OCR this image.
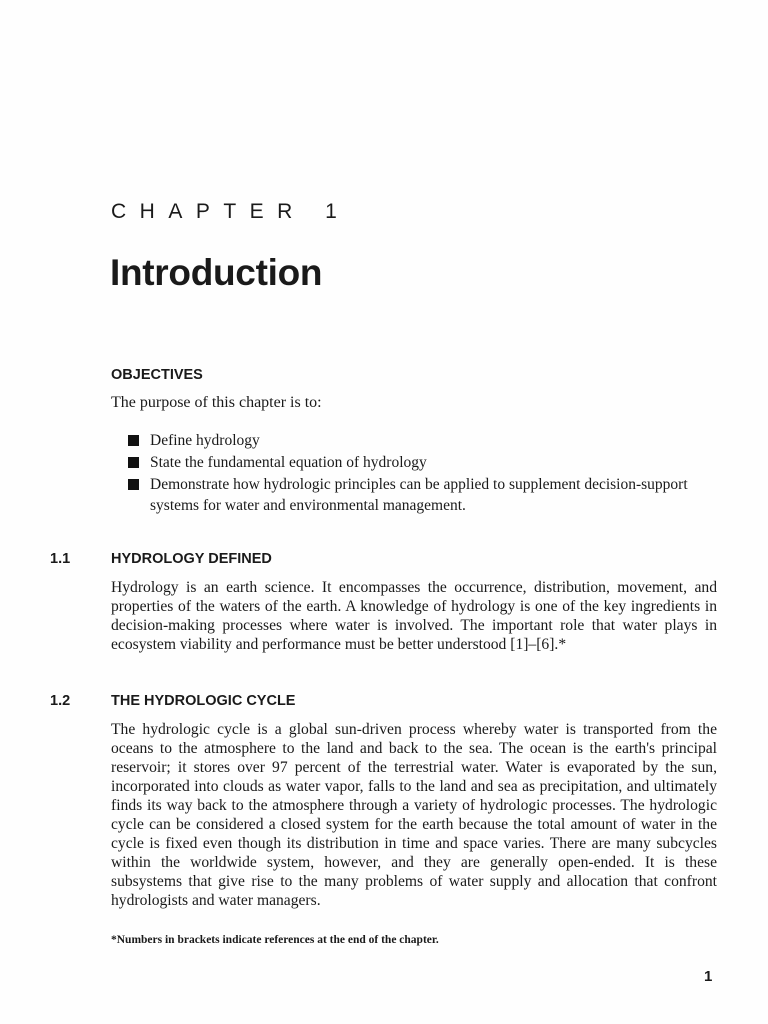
CHAPTER 1
Introduction
OBJECTIVES
The purpose of this chapter is to:
Define hydrology
State the fundamental equation of hydrology
Demonstrate how hydrologic principles can be applied to supplement decision-support systems for water and environmental management.
1.1	HYDROLOGY DEFINED

Hydrology is an earth science. It encompasses the occurrence, distribution, movement, and properties of the waters of the earth. A knowledge of hydrology is one of the key ingredients in decision-making processes where water is involved. The important role that water plays in ecosystem viability and performance must be better understood [1]–[6].*

1.2	THE HYDROLOGIC CYCLE

The hydrologic cycle is a global sun-driven process whereby water is transported from the oceans to the atmosphere to the land and back to the sea. The ocean is the earth's principal reservoir; it stores over 97 percent of the terrestrial water. Water is evaporated by the sun, incorporated into clouds as water vapor, falls to the land and sea as precipitation, and ultimately finds its way back to the atmosphere through a variety of hydrologic processes. The hydrologic cycle can be considered a closed system for the earth because the total amount of water in the cycle is fixed even though its distribution in time and space varies. There are many subcycles within the worldwide system, however, and they are generally open-ended. It is these subsystems that give rise to the many problems of water supply and allocation that confront hydrologists and water managers.

*Numbers in brackets indicate references at the end of the chapter.
1
